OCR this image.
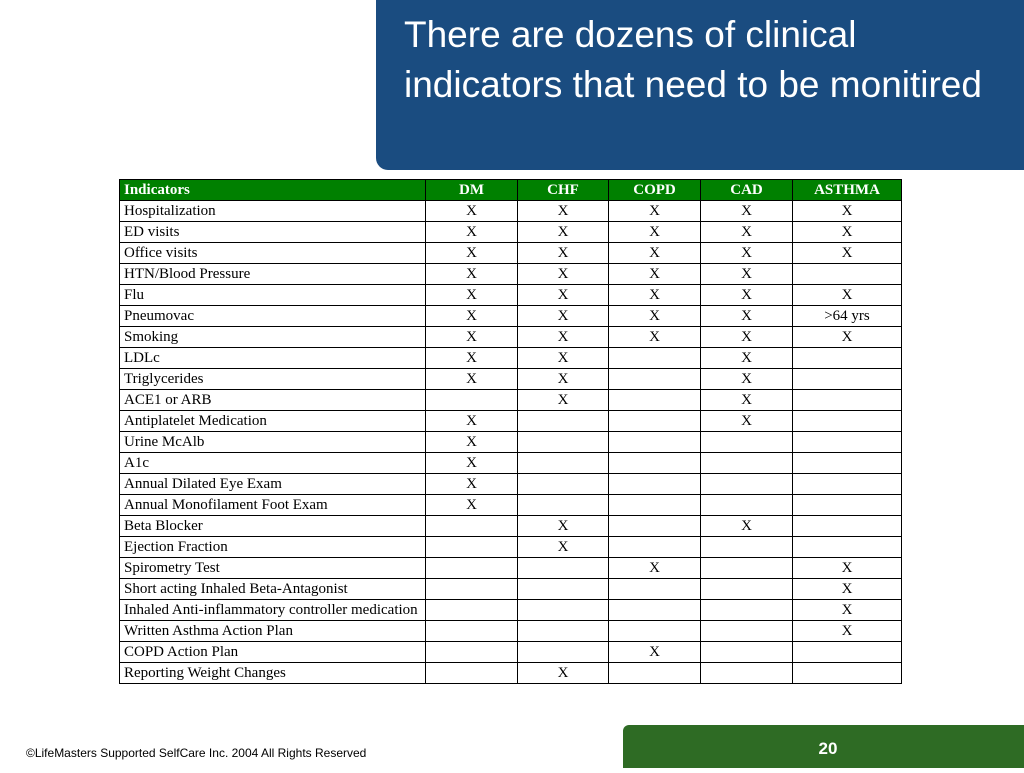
There are dozens of clinical indicators that need to be monitired
Indicators	DM	CHF	COPD	CAD	ASTHMA
Hospitalization	X	X	X	X	X
ED visits	X	X	X	X	X
Office visits	X	X	X	X	X
HTN/Blood Pressure	X	X	X	X	
Flu	X	X	X	X	X
Pneumovac	X	X	X	X	>64 yrs
Smoking	X	X	X	X	X
LDLc	X	X		X	
Triglycerides	X	X		X	
ACE1 or ARB		X		X	
Antiplatelet Medication	X			X	
Urine McAlb	X				
A1c	X				
Annual Dilated Eye Exam	X				
Annual Monofilament Foot Exam	X				
Beta Blocker		X		X	
Ejection Fraction		X			
Spirometry Test			X		X
Short acting Inhaled Beta-Antagonist					X
Inhaled Anti-inflammatory controller medication					X
Written Asthma Action Plan					X
COPD Action Plan			X		
Reporting Weight Changes		X			
©LifeMasters Supported SelfCare Inc. 2004 All Rights Reserved	20
